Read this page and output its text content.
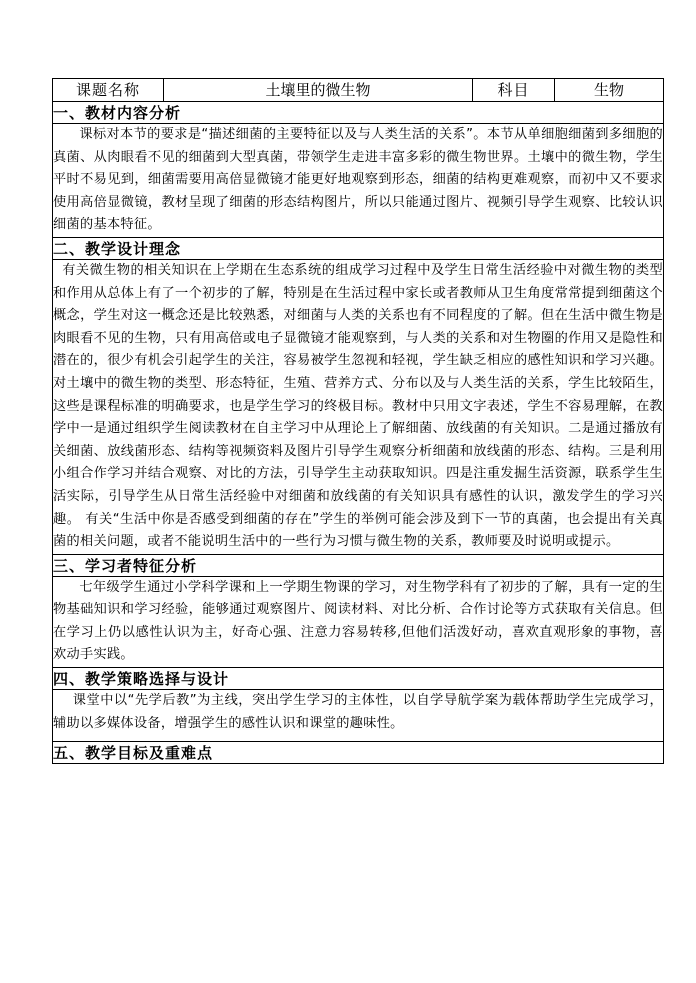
课题名称	土壤里的微生物	科目	生物
一、教材内容分析

课标对本节的要求是“描述细菌的主要特征以及与人类生活的关系”。本节从单细胞细菌到多细胞的真菌、从肉眼看不见的细菌到大型真菌，带领学生走进丰富多彩的微生物世界。土壤中的微生物，学生平时不易见到，细菌需要用高倍显微镜才能更好地观察到形态，细菌的结构更难观察，而初中又不要求使用高倍显微镜，教材呈现了细菌的形态结构图片，所以只能通过图片、视频引导学生观察、比较认识细菌的基本特征。

二、教学设计理念

有关微生物的相关知识在上学期在生态系统的组成学习过程中及学生日常生活经验中对微生物的类型和作用从总体上有了一个初步的了解，特别是在生活过程中家长或者教师从卫生角度常常提到细菌这个概念，学生对这一概念还是比较熟悉，对细菌与人类的关系也有不同程度的了解。但在生活中微生物是肉眼看不见的生物，只有用高倍或电子显微镜才能观察到，与人类的关系和对生物圈的作用又是隐性和潜在的，很少有机会引起学生的关注，容易被学生忽视和轻视，学生缺乏相应的感性知识和学习兴趣。对土壤中的微生物的类型、形态特征，生殖、营养方式、分布以及与人类生活的关系，学生比较陌生，这些是课程标准的明确要求，也是学生学习的终极目标。教材中只用文字表述，学生不容易理解，在教学中一是通过组织学生阅读教材在自主学习中从理论上了解细菌、放线菌的有关知识。二是通过播放有关细菌、放线菌形态、结构等视频资料及图片引导学生观察分析细菌和放线菌的形态、结构。三是利用小组合作学习并结合观察、对比的方法，引导学生主动获取知识。四是注重发掘生活资源，联系学生生活实际，引导学生从日常生活经验中对细菌和放线菌的有关知识具有感性的认识，激发学生的学习兴趣。 有关“生活中你是否感受到细菌的存在”学生的举例可能会涉及到下一节的真菌，也会提出有关真菌的相关问题，或者不能说明生活中的一些行为习惯与微生物的关系，教师要及时说明或提示。

三、学习者特征分析

七年级学生通过小学科学课和上一学期生物课的学习，对生物学科有了初步的了解，具有一定的生物基础知识和学习经验，能够通过观察图片、阅读材料、对比分析、合作讨论等方式获取有关信息。但在学习上仍以感性认识为主，好奇心强、注意力容易转移,但他们活泼好动，喜欢直观形象的事物，喜欢动手实践。

四、教学策略选择与设计

课堂中以“先学后教”为主线，突出学生学习的主体性，以自学导航学案为载体帮助学生完成学习，辅助以多媒体设备，增强学生的感性认识和课堂的趣味性。

五、教学目标及重难点
